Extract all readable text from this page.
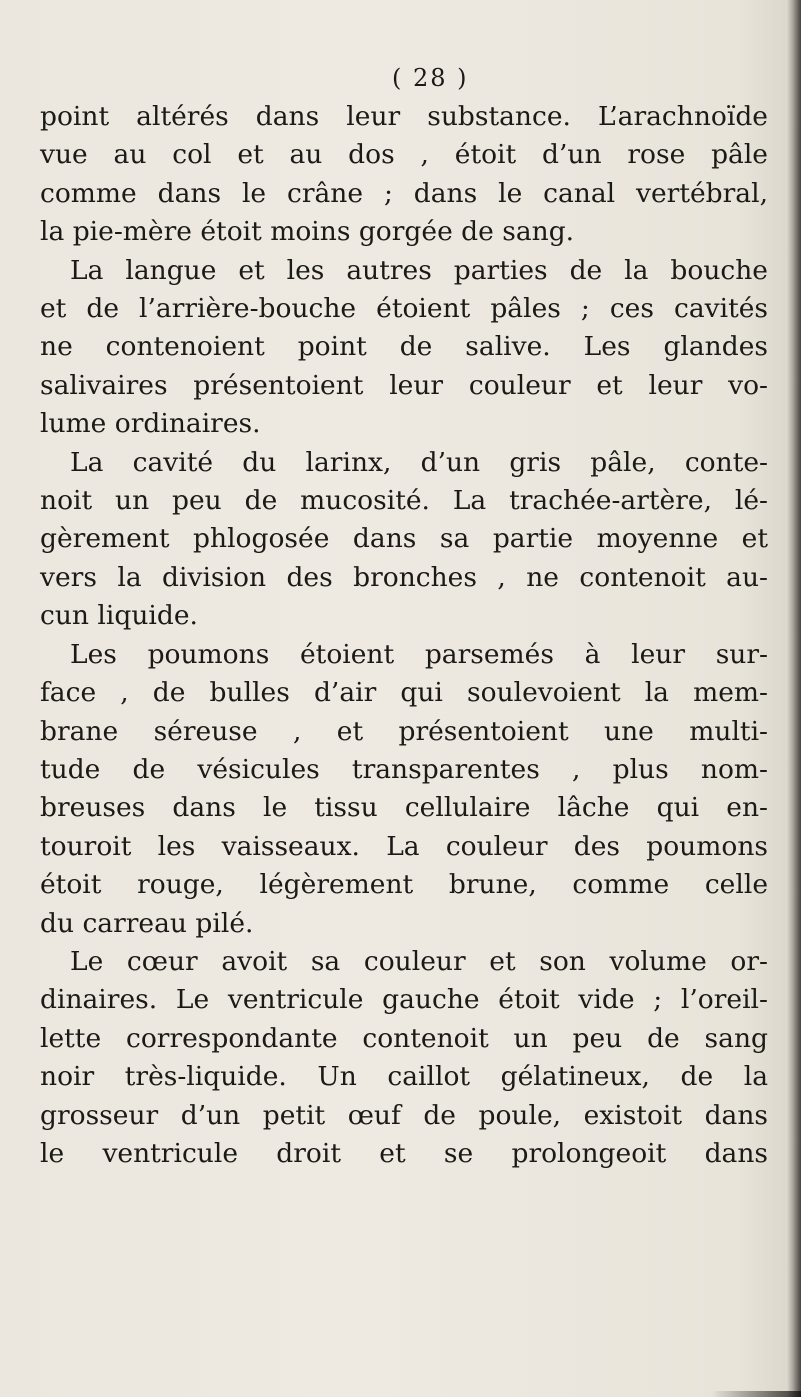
( 28 )
point altérés dans leur substance. L’arachnoïde
vue au col et au dos , étoit d’un rose pâle
comme dans le crâne ; dans le canal vertébral,
la pie-mère étoit moins gorgée de sang.
La langue et les autres parties de la bouche
et de l’arrière-bouche étoient pâles ; ces cavités
ne contenoient point de salive. Les glandes
salivaires présentoient leur couleur et leur vo-
lume ordinaires.
La cavité du larinx, d’un gris pâle, conte-
noit un peu de mucosité. La trachée-artère, lé-
gèrement phlogosée dans sa partie moyenne et
vers la division des bronches , ne contenoit au-
cun liquide.
Les poumons étoient parsemés à leur sur-
face , de bulles d’air qui soulevoient la mem-
brane séreuse , et présentoient une multi-
tude de vésicules transparentes , plus nom-
breuses dans le tissu cellulaire lâche qui en-
touroit les vaisseaux. La couleur des poumons
étoit rouge, légèrement brune, comme celle
du carreau pilé.
Le cœur avoit sa couleur et son volume or-
dinaires. Le ventricule gauche étoit vide ; l’oreil-
lette correspondante contenoit un peu de sang
noir très-liquide. Un caillot gélatineux, de la
grosseur d’un petit œuf de poule, existoit dans
le ventricule droit et se prolongeoit dans
